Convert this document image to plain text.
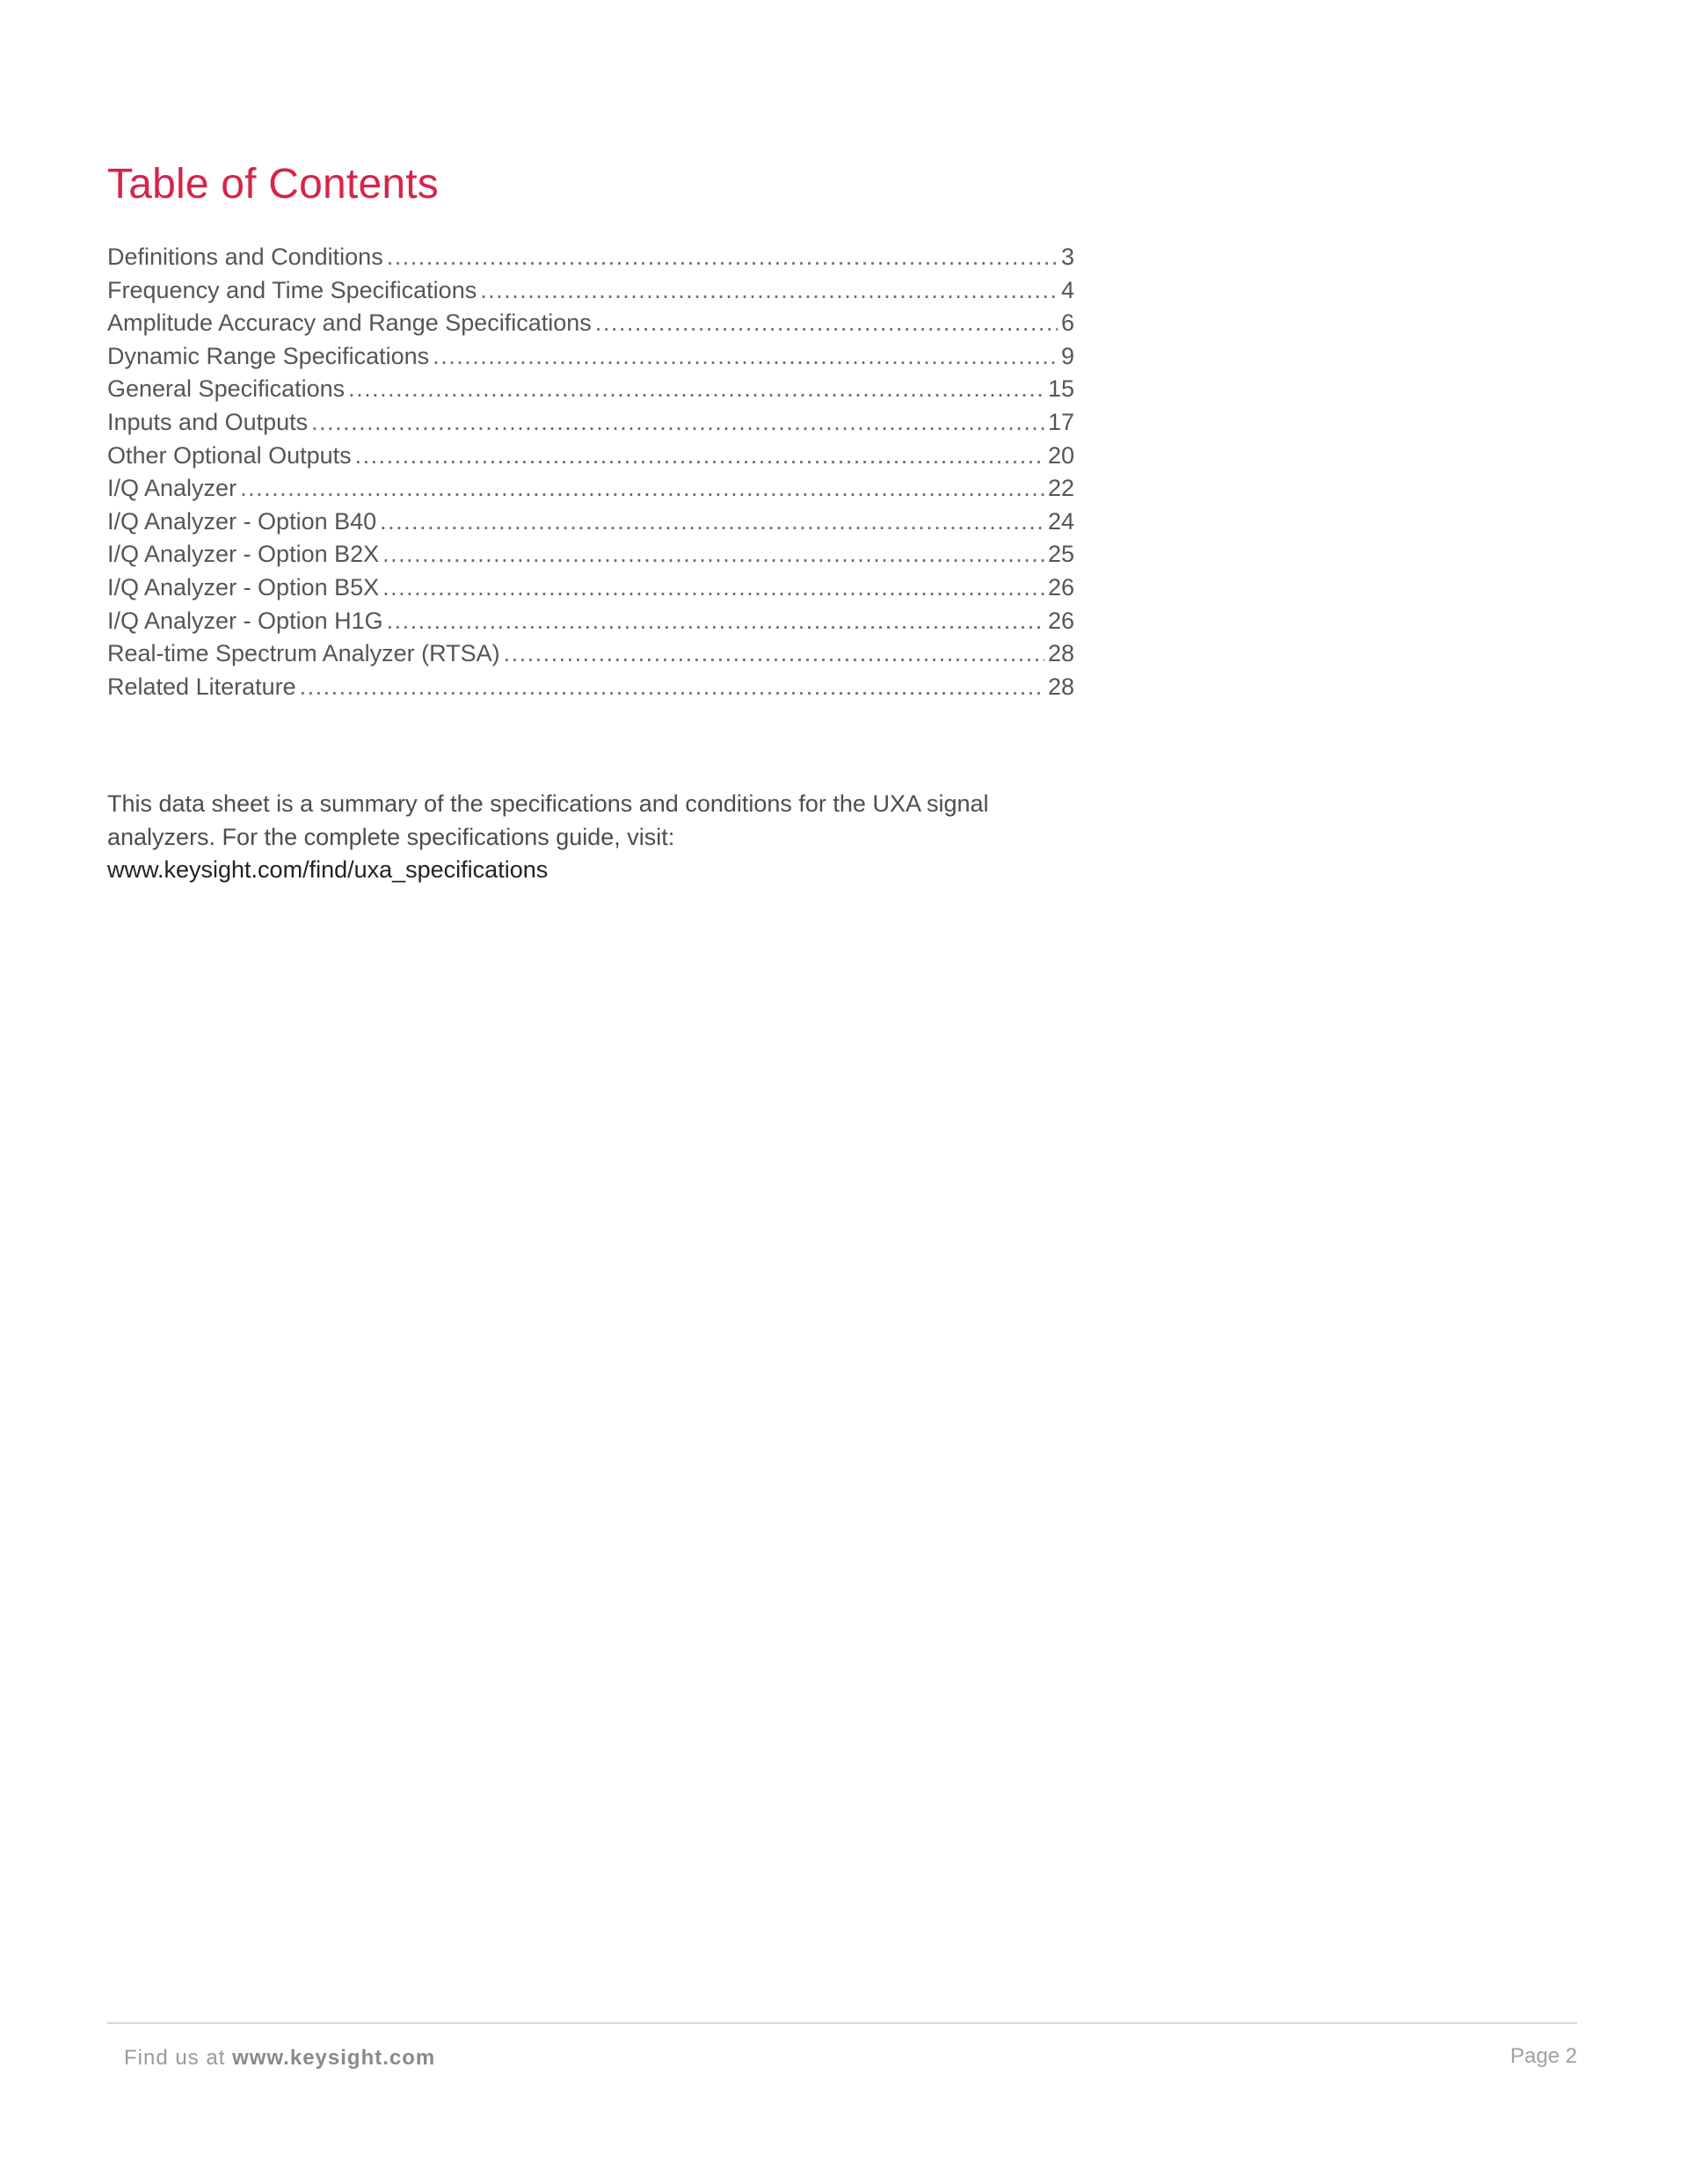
Table of Contents
Definitions and Conditions .....	3
Frequency and Time Specifications .....	4
Amplitude Accuracy and Range Specifications .....	6
Dynamic Range Specifications .....	9
General Specifications .....	15
Inputs and Outputs .....	17
Other Optional Outputs .....	20
I/Q Analyzer .....	22
I/Q Analyzer - Option B40 .....	24
I/Q Analyzer - Option B2X .....	25
I/Q Analyzer - Option B5X .....	26
I/Q Analyzer - Option H1G .....	26
Real-time Spectrum Analyzer (RTSA) .....	28
Related Literature .....	28

This data sheet is a summary of the specifications and conditions for the UXA signal analyzers. For the complete specifications guide, visit:

www.keysight.com/find/uxa_specifications
Find us at www.keysight.com	Page 2
